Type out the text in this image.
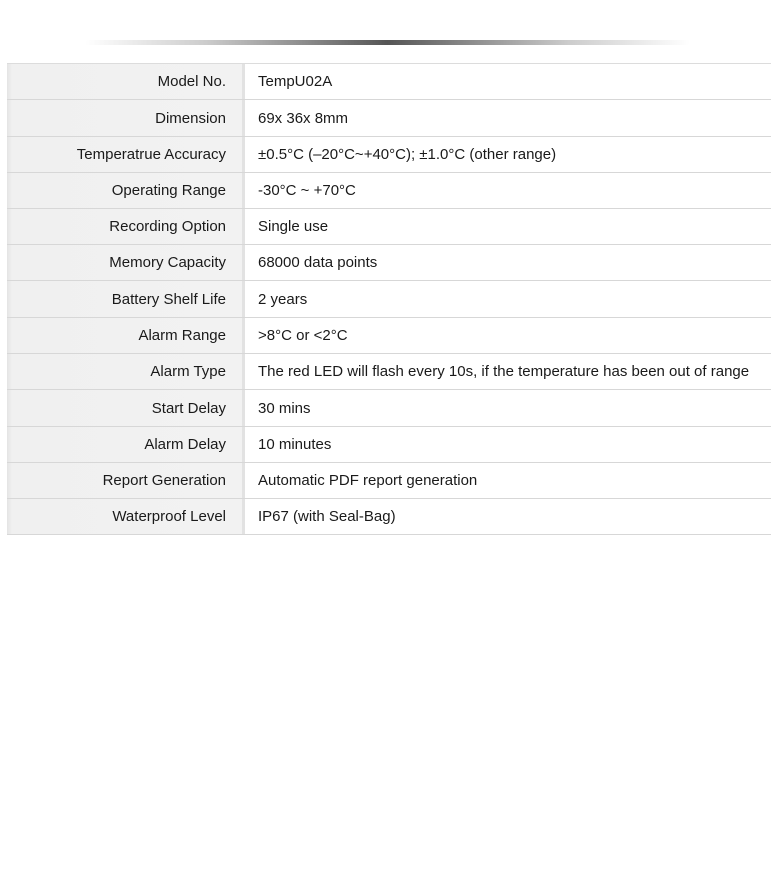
Model No.	TempU02A
Dimension	69x 36x 8mm
Temperatrue Accuracy	±0.5°C (–20°C~+40°C); ±1.0°C (other range)
Operating Range	-30°C ~ +70°C
Recording Option	Single use
Memory Capacity	68000 data points
Battery Shelf Life	2 years
Alarm Range	>8°C or <2°C
Alarm Type	The red LED will flash every 10s, if the temperature has been out of range
Start Delay	30 mins
Alarm Delay	10 minutes
Report Generation	Automatic PDF report generation
Waterproof Level	IP67 (with Seal-Bag)
